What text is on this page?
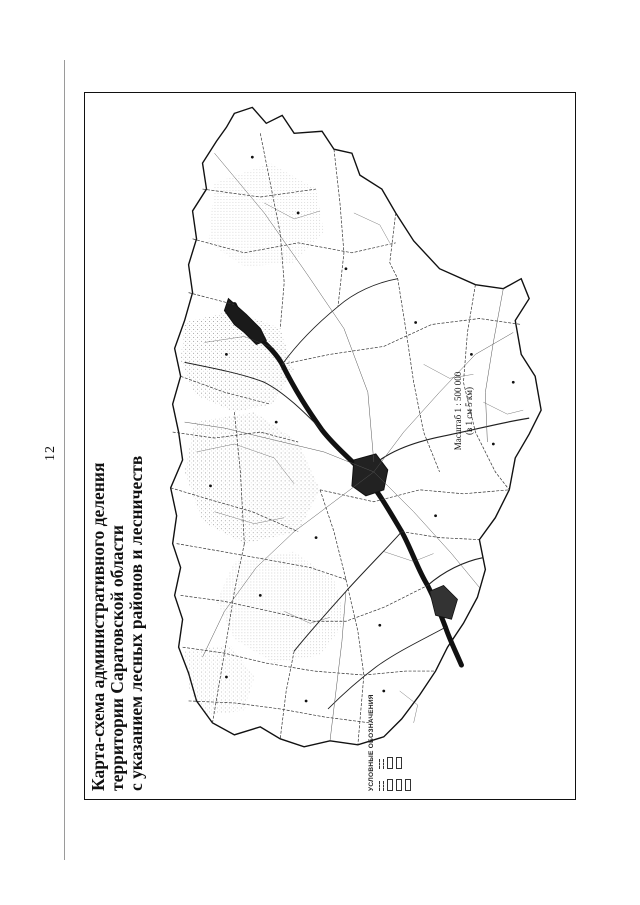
12
Карта-схема административного деления территории Саратовской области с указанием лесных районов и лесничеств	УСЛОВНЫЕ ОБОЗНАЧЕНИЯ
Масштаб 1 : 500 000 (в 1 см 5 км)
